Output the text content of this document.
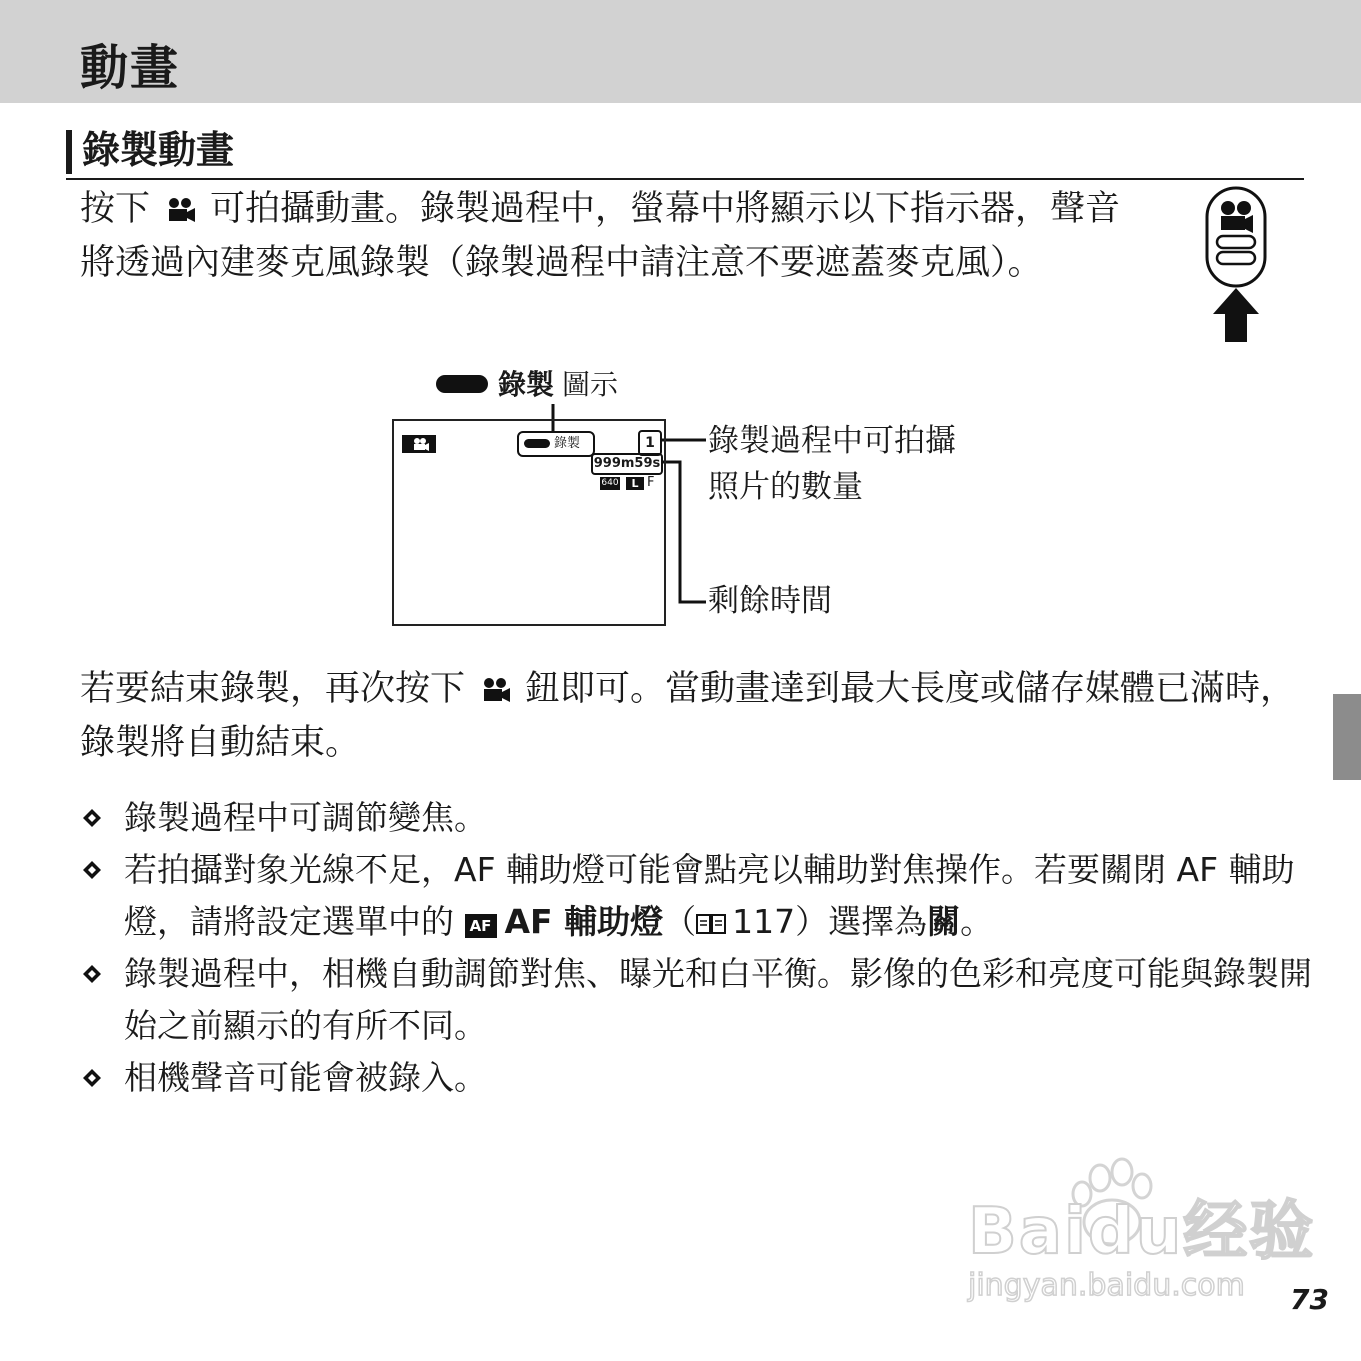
動畫
錄製動畫
按下 可拍攝動畫。錄製過程中，螢幕中將顯示以下指示器，聲音將透過內建麥克風錄製（錄製過程中請注意不要遮蓋麥克風）。
錄製 圖示
錄製	1
999m59s
640	L F
錄製過程中可拍攝
照片的數量
剩餘時間
若要結束錄製，再次按下 鈕即可。當動畫達到最大長度或儲存媒體已滿時，錄製將自動結束。
錄製過程中可調節變焦。
若拍攝對象光線不足，AF 輔助燈可能會點亮以輔助對焦操作。若要關閉 AF 輔助燈，請將設定選單中的 AF AF 輔助燈（ 117）選擇為關。
錄製過程中，相機自動調節對焦、曝光和白平衡。影像的色彩和亮度可能與錄製開始之前顯示的有所不同。
相機聲音可能會被錄入。
Baidu经验
jingyan.baidu.com 73
